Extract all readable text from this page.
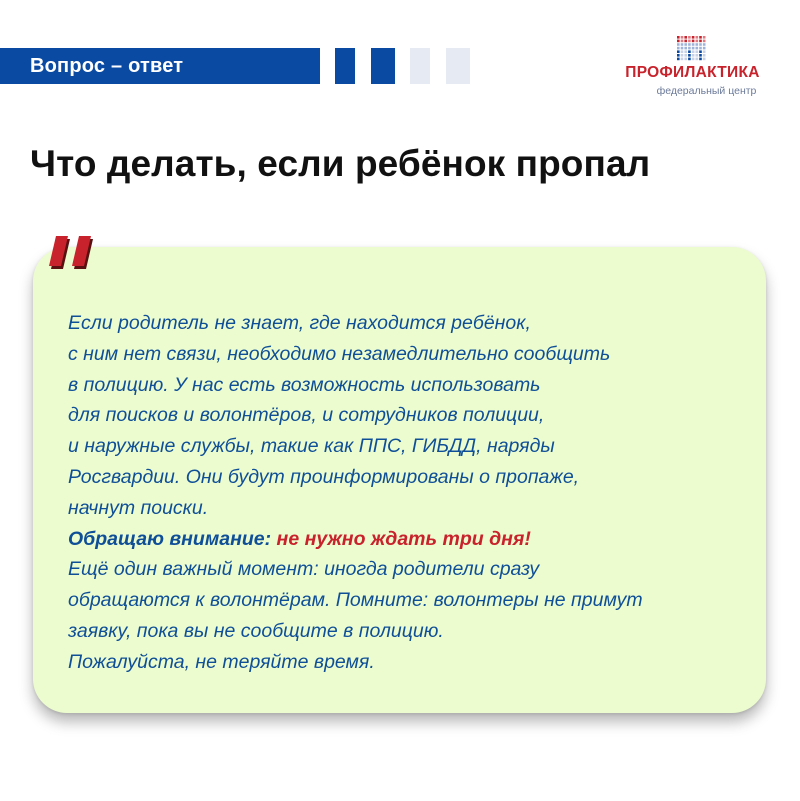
Вопрос – ответ	ПРОФИЛАКТИКА
федеральный центр
Что делать, если ребёнок пропал
Если родитель не знает, где находится ребёнок,
с ним нет связи, необходимо незамедлительно сообщить
в полицию. У нас есть возможность использовать
для поисков и волонтёров, и сотрудников полиции,
и наружные службы, такие как ППС, ГИБДД, наряды
Росгвардии. Они будут проинформированы о пропаже,
начнут поиски.
Обращаю внимание: не нужно ждать три дня!
Ещё один важный момент: иногда родители сразу
обращаются к волонтёрам. Помните: волонтеры не примут
заявку, пока вы не сообщите в полицию.
Пожалуйста, не теряйте время.
